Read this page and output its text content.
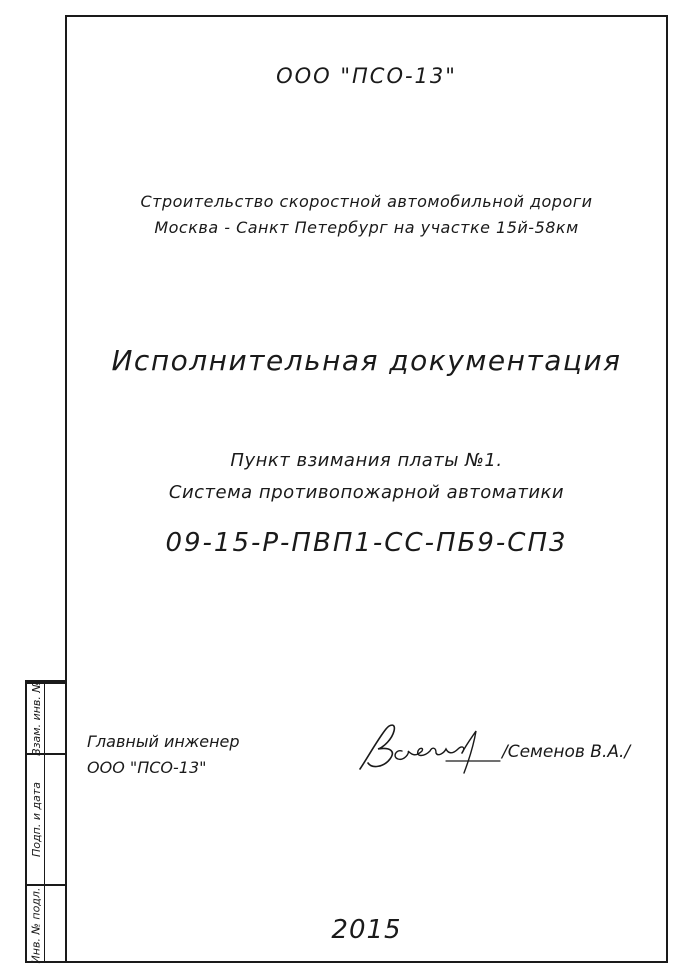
ООО "ПСО-13"
Строительство скоростной автомобильной дороги
Москва - Санкт Петербург на участке 15й-58км
Исполнительная документация
Пункт взимания платы №1.
Система противопожарной автоматики
09-15-Р-ПВП1-СС-ПБ9-СП3
Главный инженер
ООО "ПСО-13"
/Семенов В.А./
2015
Взам. инв. №
Подп. и дата
Инв. № подл.
